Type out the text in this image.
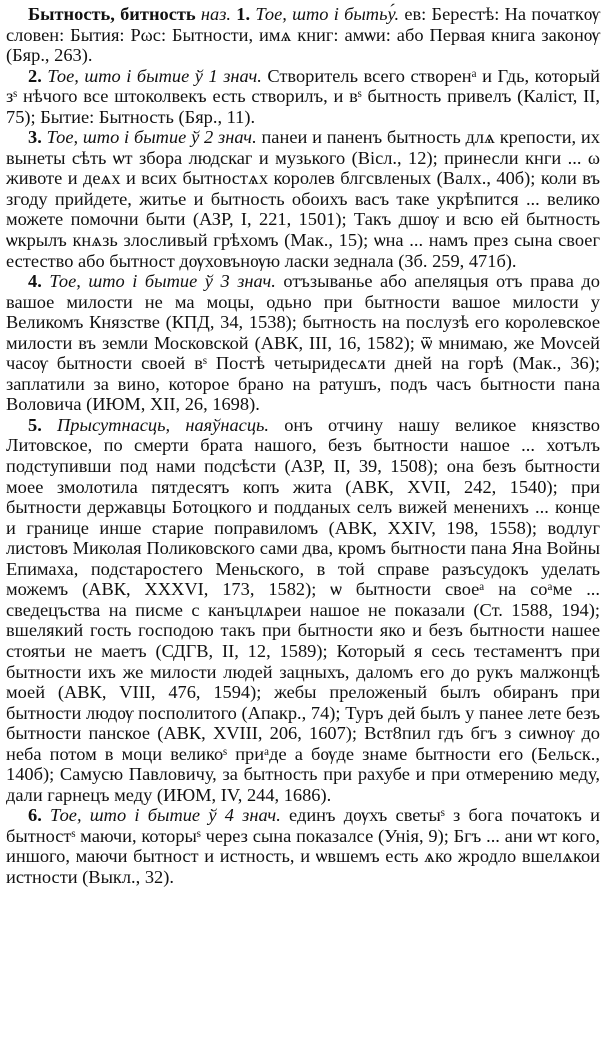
Бытность, битность наз. 1. Тое, што і бытьу́. ев: Берестѣ: На початкѹ словен: Бытия: Рωс: Бытности, имѧ книг: амѡи: або Первая книга законѹ (Бяр., 263).

2. Тое, што і бытие ў 1 знач. Створитель всего створенᵃ и Гдь, который зˢ нѣчого все штоколвекъ есть створилъ, и вˢ бытность привелъ (Каліст, II, 75); Бытие: Бытность (Бяр., 11).

3. Тое, што і бытие ў 2 знач. панеи и паненъ бытность длѧ крепости, их вынеты сѣть ѡт збора людскаг и музького (Віcл., 12); принесли кнги ... ω животе и деѧх и всих бытностѧх королев блгсвленых (Валх., 40б); коли въ згоду прийдете, житье и бытность обоихъ васъ таке укрѣпится ... велико можете помочни быти (АЗР, I, 221, 1501); Такъ дшѹ и всю ей бытность ѡкрылъ кнѧзь злосливый грѣхомъ (Мак., 15); ѡна ... намъ през сына своег естество або бытност дѹховънѹю ласки зеднала (Зб. 259, 471б).

4. Тое, што і бытие ў 3 знач. отъзываньe або апеляцыя отъ права до вашое милости не ма моцы, одьно при бытности вашое милости у Великомъ Князстве (КПД, 34, 1538); бытность на послузѣ его королевское милости въ земли Московской (АВК, III, 16, 1582); ѿ мнимаю, же Моνсей часѹ бытности своей вˢ Постѣ четыридесѧти дней на горѣ (Мак., 36); заплатили за вино, которое брано на ратушъ, подъ часъ бытности пана Воловича (ИЮМ, XII, 26, 1698).

5. Прысутнасць, наяўнасць. онъ отчину нашу великое князство Литовское, по смерти брата нашого, безъ бытности нашое ... хотълъ подступивши под нами подсѣсти (АЗР, II, 39, 1508); она безъ бытности моее змолотила пятдесятъ копъ жита (АВК, XVII, 242, 1540); при бытности державцы Ботоцкого и подданых селъ вижей мененихъ ... конце и границе инше старие поправиломъ (АВК, XXIV, 198, 1558); водлуг листовъ Миколая Поликовского сами два, кромъ бытности пана Яна Войны Епимаха, подстаростего Меньского, в той справе разъсудокъ уделать можемъ (АВК, XXXVI, 173, 1582); ѡ бытности своеᵃ на соᵃме ... сведецъства на писме с канъцлѧреи нашое не показали (Ст. 1588, 194); вшелякий гость господою такъ при бытности яко и безъ бытности нашее стоятьи не маетъ (СДГВ, II, 12, 1589); Который я сесь тестаментъ при бытности ихъ же милости людей зацныхъ, даломъ его до рукъ малжонцѣ моей (АВК, VIII, 476, 1594); жебы преложеный былъ обиранъ при бытности людѹ посполитого (Апакр., 74); Туръ дей былъ у панее лете безъ бытности панское (АВК, XVIII, 206, 1607); Вст8пил гдъ бгъ з сиѡнѹ до неба потом в моци великоˢ приᵃде а бѹде знаме бытности его (Бельск., 140б); Самусю Павловичу, за бытность при рахубе и при отмерению меду, дали гарнецъ меду (ИЮМ, IV, 244, 1686).

6. Тое, што і бытие ў 4 знач. единъ дѹхъ светыˢ з бога початокъ и бытностˢ маючи, которыˢ через сына показалсе (Унія, 9); Бгъ ... ани ѡт кого, иншого, маючи бытност и истность, и ѡвшемъ есть ѧко жродло вшелѧкои истности (Выкл., 32).
